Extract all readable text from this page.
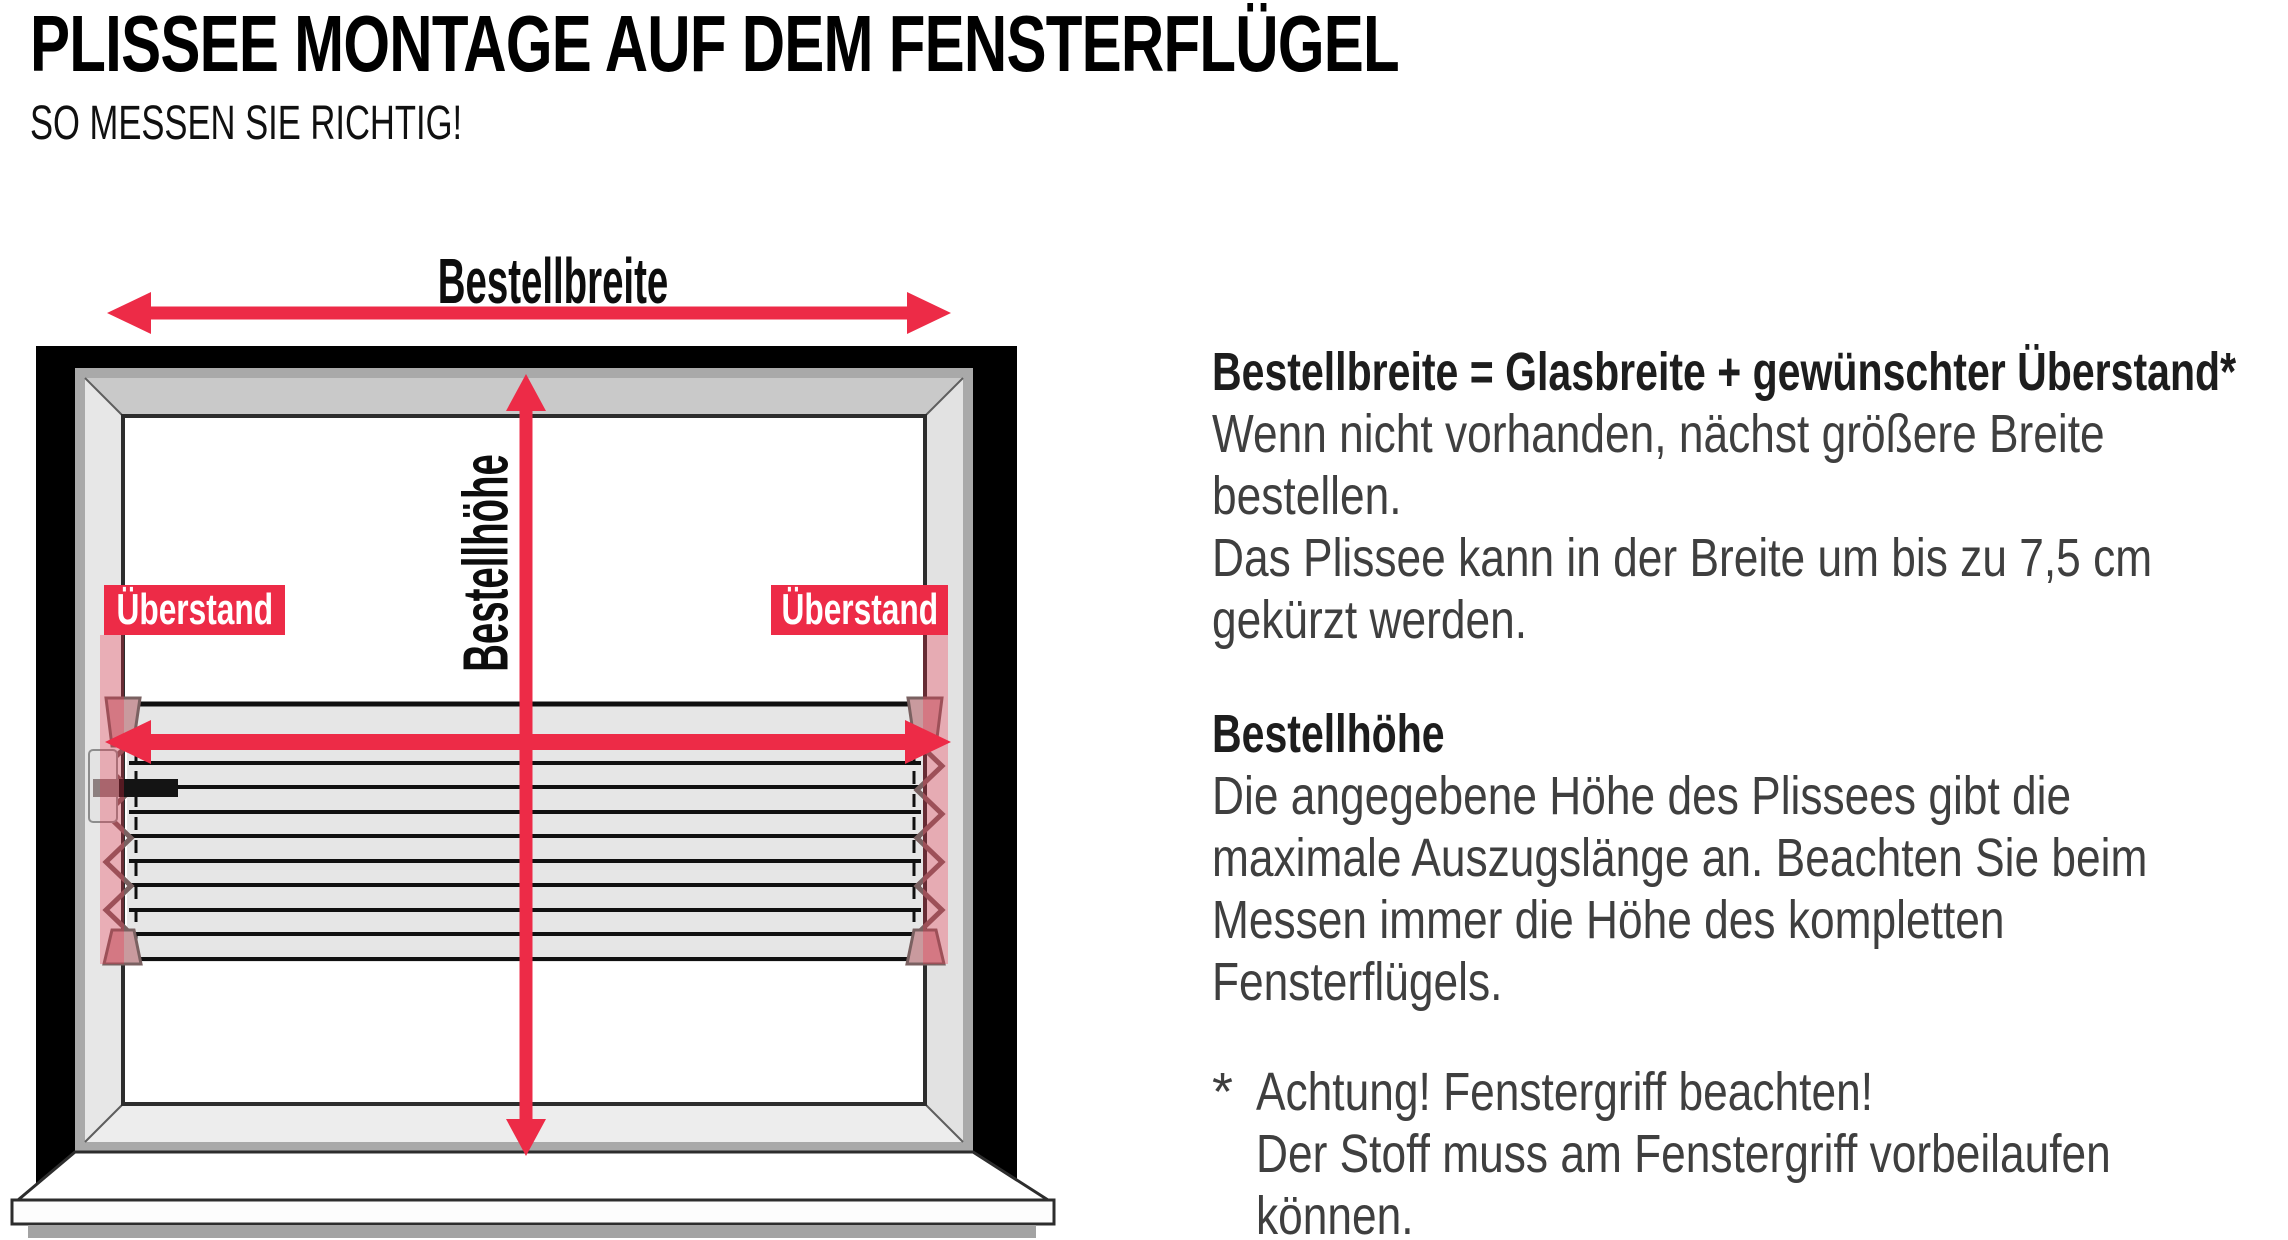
PLISSEE MONTAGE AUF DEM FENSTERFLÜGEL
SO MESSEN SIE RICHTIG!
Bestellbreite
Bestellhöhe
Überstand	Überstand
Bestellbreite = Glasbreite + gewünschter Überstand*
Wenn nicht vorhanden, nächst größere Breite
bestellen.
Das Plissee kann in der Breite um bis zu 7,5 cm
gekürzt werden.
Bestellhöhe
Die angegebene Höhe des Plissees gibt die
maximale Auszugslänge an. Beachten Sie beim
Messen immer die Höhe des kompletten
Fensterflügels.
* Achtung! Fenstergriff beachten!
Der Stoff muss am Fenstergriff vorbeilaufen
können.
